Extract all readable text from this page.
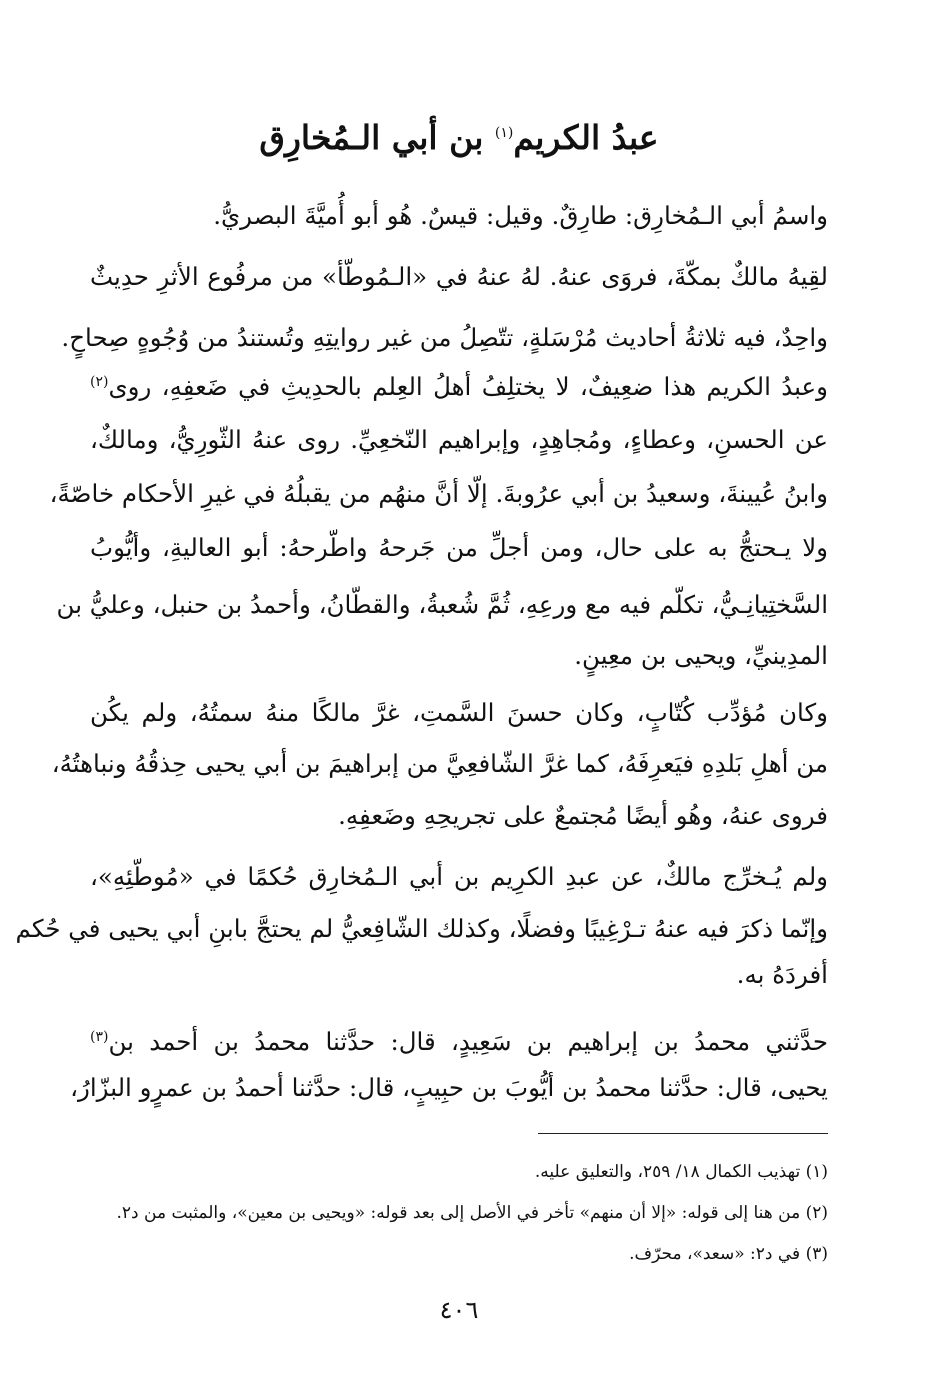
عبدُ الكريم$^{(١)}$ بن أبي الـمُخارِق
واسمُ أبي الـمُخارِق: طارِقٌ. وقيل: قيسٌ. هُو أبو أُميَّةَ البصريُّ.
لقِيهُ مالكٌ بمكّةَ، فروَى عنهُ. لهُ عنهُ في «الـمُوطّأ» من مرفُوع الأثرِ حدِيثٌ
واحِدٌ، فيه ثلاثةُ أحاديث مُرْسَلةٍ، تتّصِلُ من غير روايتِهِ وتُستندُ من وُجُوهٍ صِحاحٍ.
وعبدُ الكريم هذا ضعِيفٌ، لا يختلِفُ أهلُ العِلم بالحدِيثِ في ضَعفِهِ، روى$^{(٢)}$
عن الحسنِ، وعطاءٍ، ومُجاهِدٍ، وإبراهيم النّخعِيِّ. روى عنهُ الثّورِيُّ، ومالكٌ،
وابنُ عُيينةَ، وسعيدُ بن أبي عرُوبةَ. إلّا أنَّ منهُم من يقبلُهُ في غيرِ الأحكام خاصّةً،
ولا يـحتجُّ به على حال، ومن أجلِّ من جَرحهُ واطّرحهُ: أبو العاليةِ، وأيُّوبُ
السَّختِيانِـيُّ، تكلّم فيه مع ورعِهِ، ثُمَّ شُعبةُ، والقطّانُ، وأحمدُ بن حنبل، وعليُّ بن
المدِينيِّ، ويحيى بن معِينٍ.
وكان مُؤدِّب كُتّابٍ، وكان حسنَ السَّمتِ، غرَّ مالكًا منهُ سمتُهُ، ولم يكُن
من أهلِ بَلدِهِ فيَعرِفَهُ، كما غرَّ الشّافعِيَّ من إبراهيمَ بن أبي يحيى حِذقُهُ ونباهتُهُ،
فروى عنهُ، وهُو أيضًا مُجتمعٌ على تجريحِهِ وضَعفِهِ.
ولم يُـخرِّج مالكٌ، عن عبدِ الكرِيم بن أبي الـمُخارِق حُكمًا في «مُوطّئِهِ»،
وإنّما ذكرَ فيه عنهُ تـرْغِيبًا وفضلًا، وكذلك الشّافِعيُّ لم يحتجَّ بابنِ أبي يحيى في حُكم
أفردَهُ به.
حدَّثني محمدُ بن إبراهيم بن سَعِيدٍ، قال: حدَّثنا محمدُ بن أحمد بن$^{(٣)}$
يحيى، قال: حدَّثنا محمدُ بن أيُّوبَ بن حبِيبٍ، قال: حدَّثنا أحمدُ بن عمرٍو البزّارُ،
(١) تهذيب الكمال ١٨/ ٢٥٩، والتعليق عليه.
(٢) من هنا إلى قوله: «إلا أن منهم» تأخر في الأصل إلى بعد قوله: «ويحيى بن معين»، والمثبت من د٢.
(٣) في د٢: «سعد»، محرّف.
٤٠٦
